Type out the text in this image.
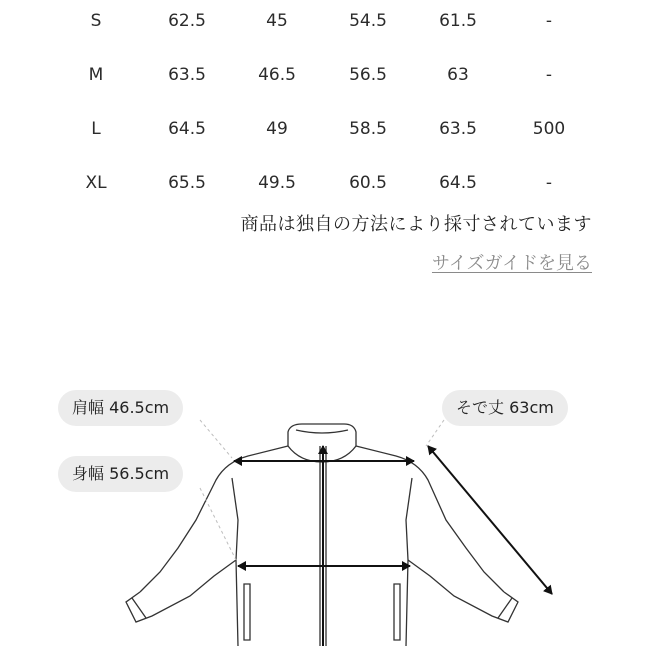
S	62.5	45	54.5	61.5	-
M	63.5	46.5	56.5	63	-
L	64.5	49	58.5	63.5	500
XL	65.5	49.5	60.5	64.5	-
商品は独自の方法により採寸されています
サイズガイドを見る
肩幅 46.5cm
身幅 56.5cm
そで丈 63cm
